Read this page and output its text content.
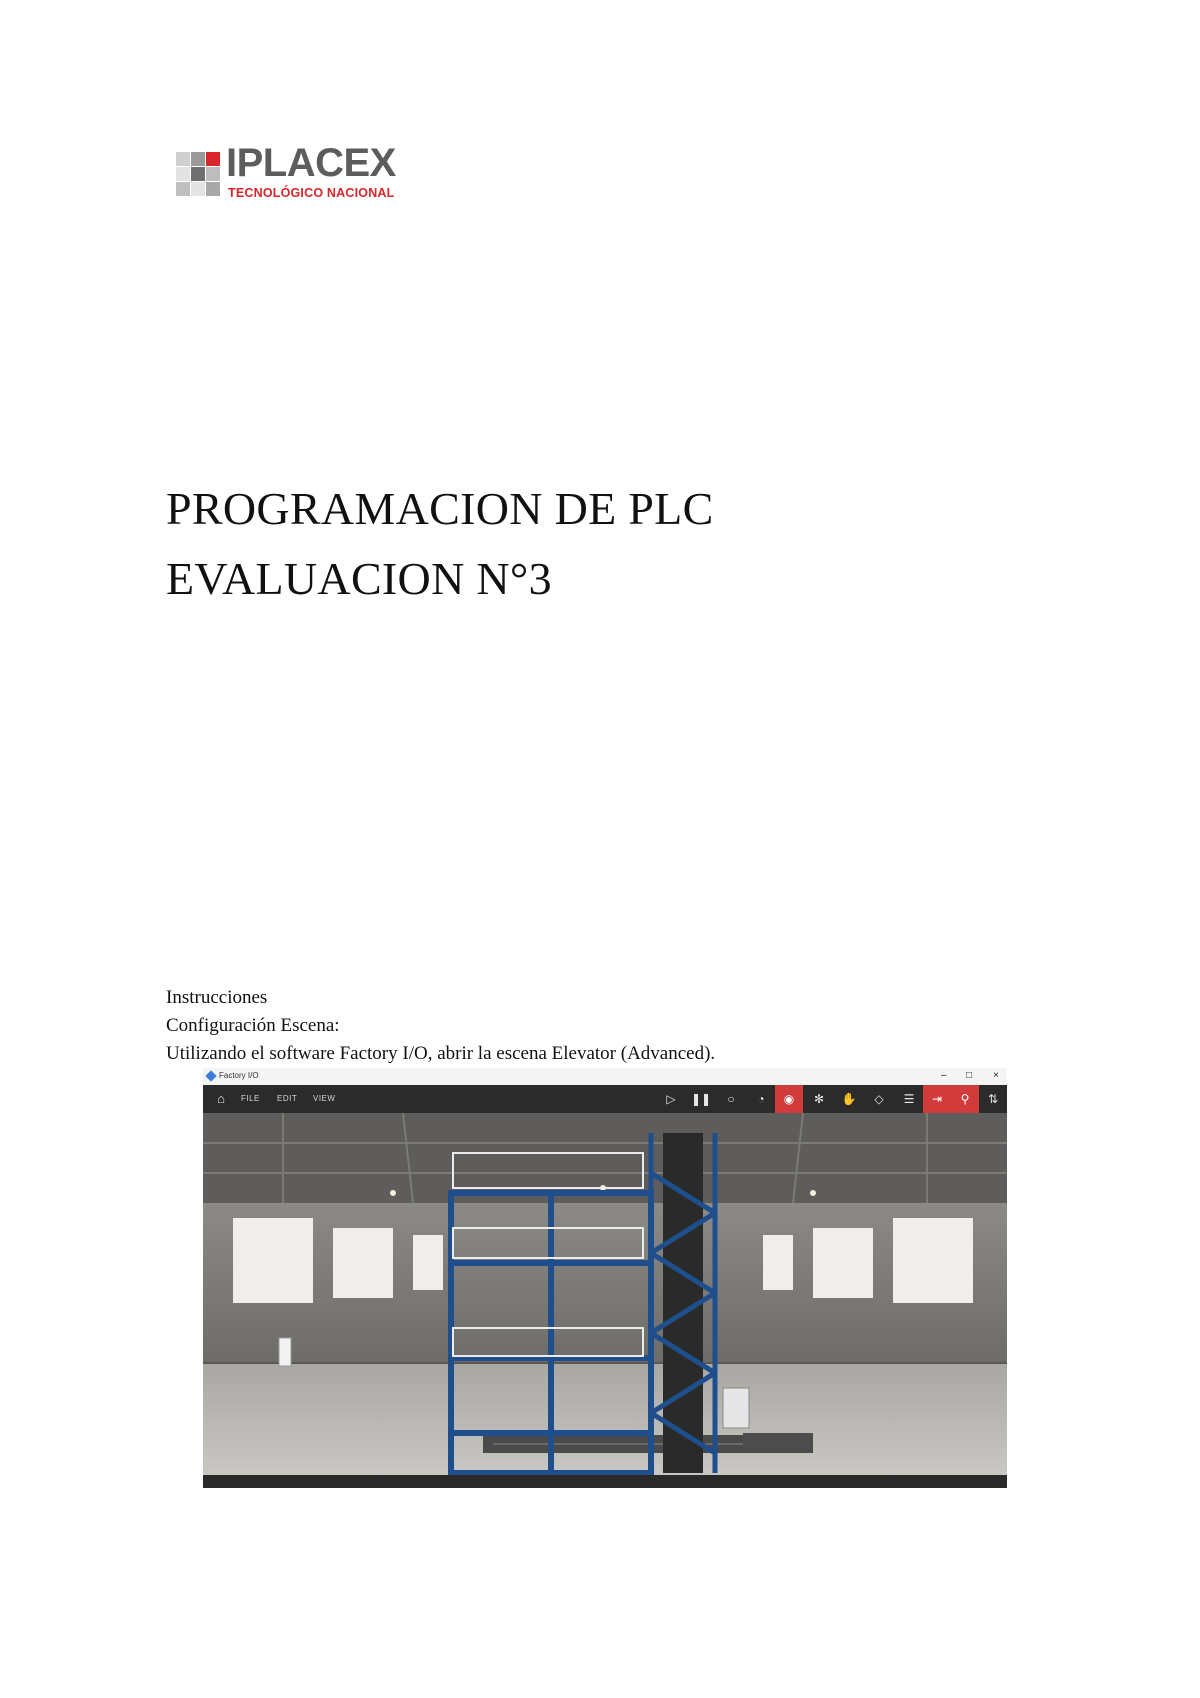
IPLACEX
TECNOLÓGICO NACIONAL
PROGRAMACION DE PLC
EVALUACION N°3

Instrucciones

Configuración Escena:

Utilizando el software Factory I/O, abrir la escena Elevator (Advanced).

Factory I/O	– □ ×
⌂	FILE EDIT VIEW	▷	❚❚	○	◔	◉	✻	✋	◇	☰	⇥	⚲	⇅
